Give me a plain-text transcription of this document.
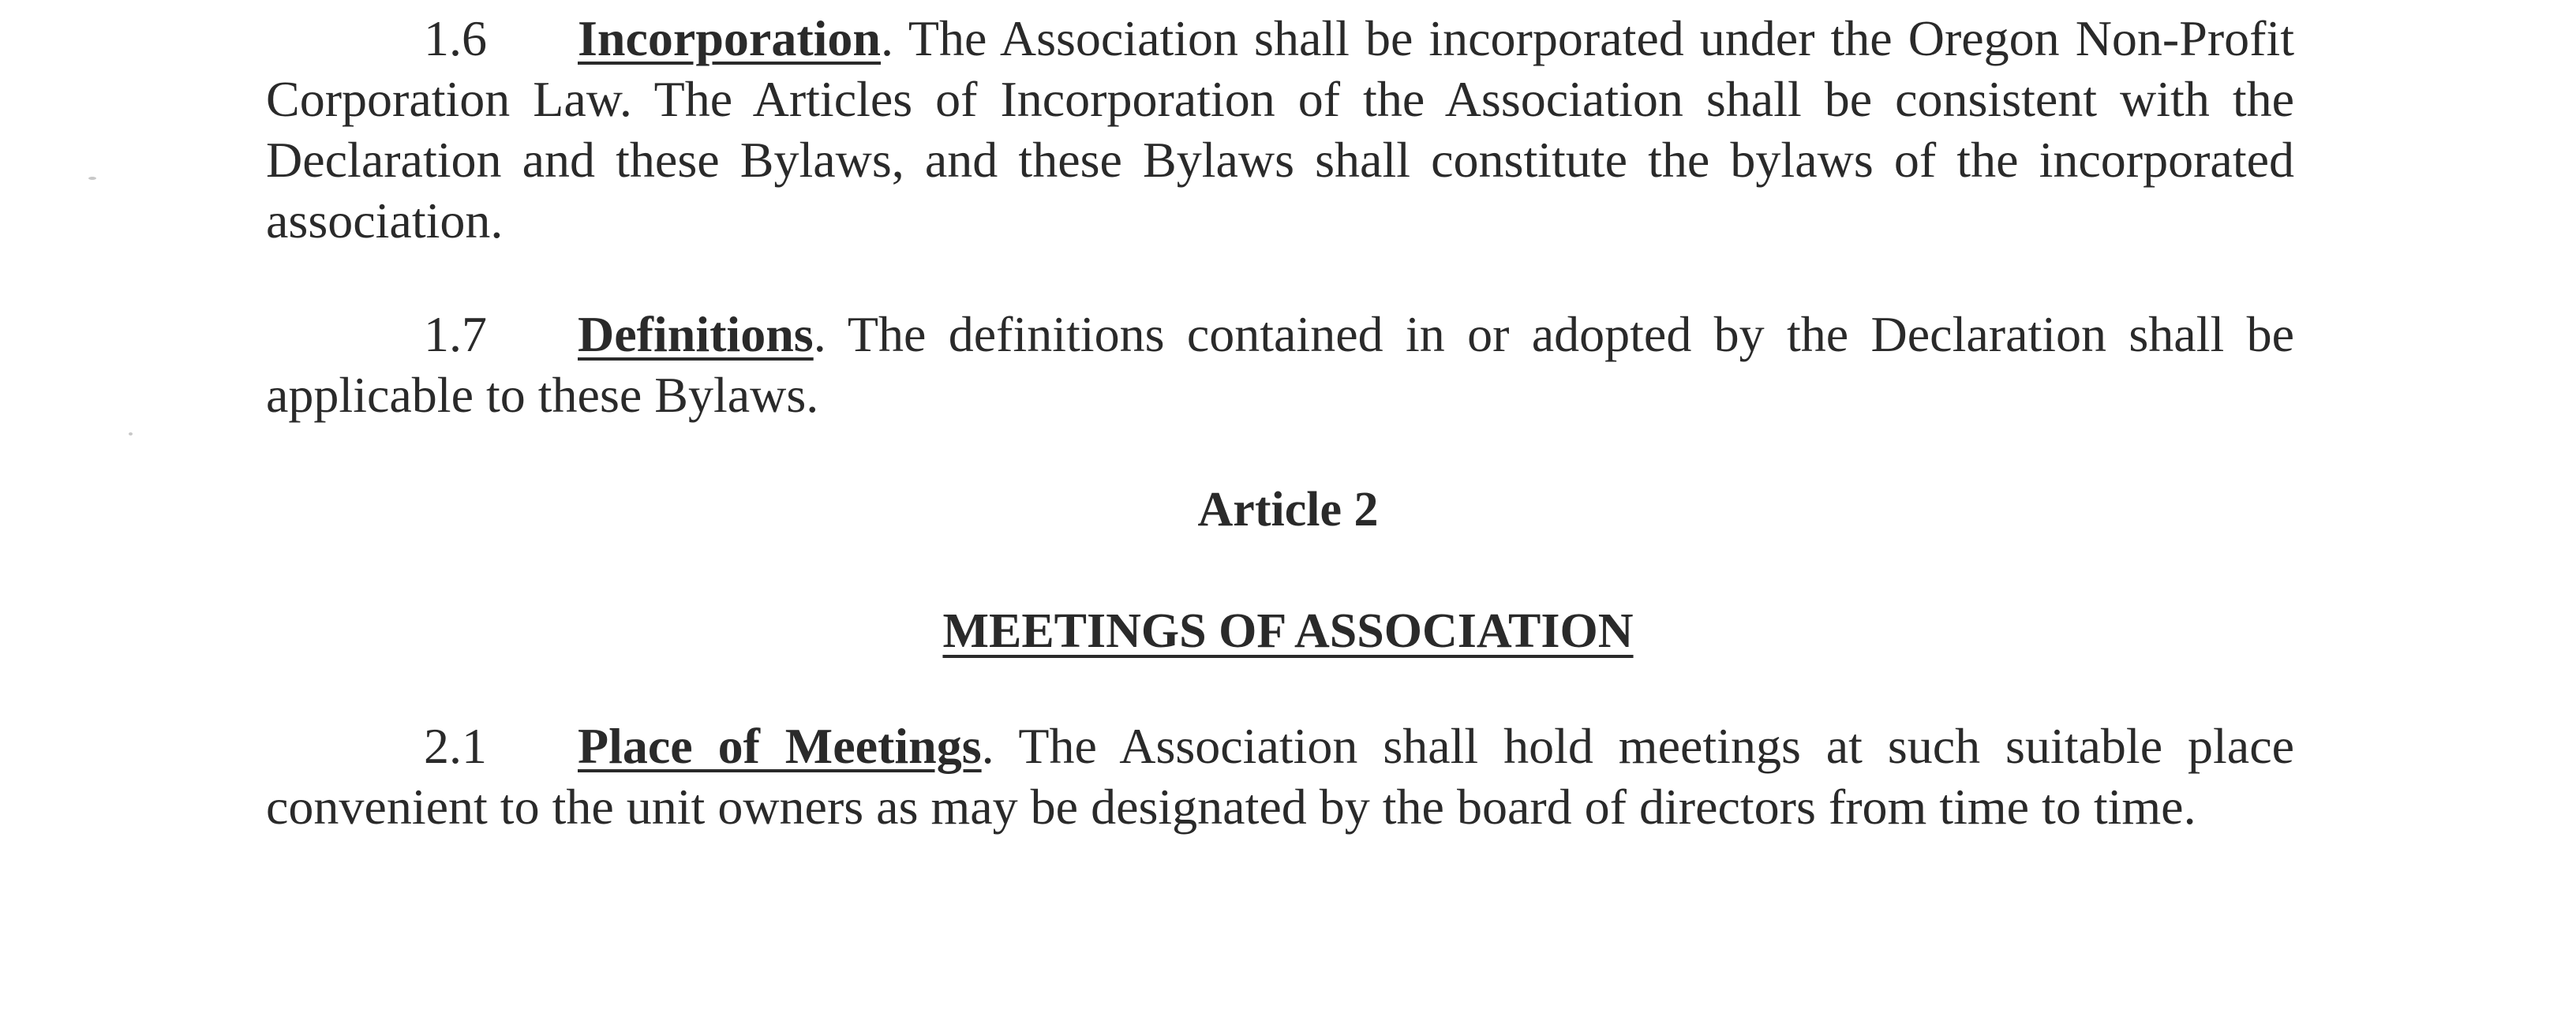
1.6 Incorporation. The Association shall be incorporated under the Oregon Non-Profit Corporation Law. The Articles of Incorporation of the Association shall be consistent with the Declaration and these Bylaws, and these Bylaws shall constitute the bylaws of the incorporated association.

1.7 Definitions. The definitions contained in or adopted by the Declaration shall be applicable to these Bylaws.

Article 2

MEETINGS OF ASSOCIATION

2.1 Place of Meetings. The Association shall hold meetings at such suitable place convenient to the unit owners as may be designated by the board of directors from time to time.
